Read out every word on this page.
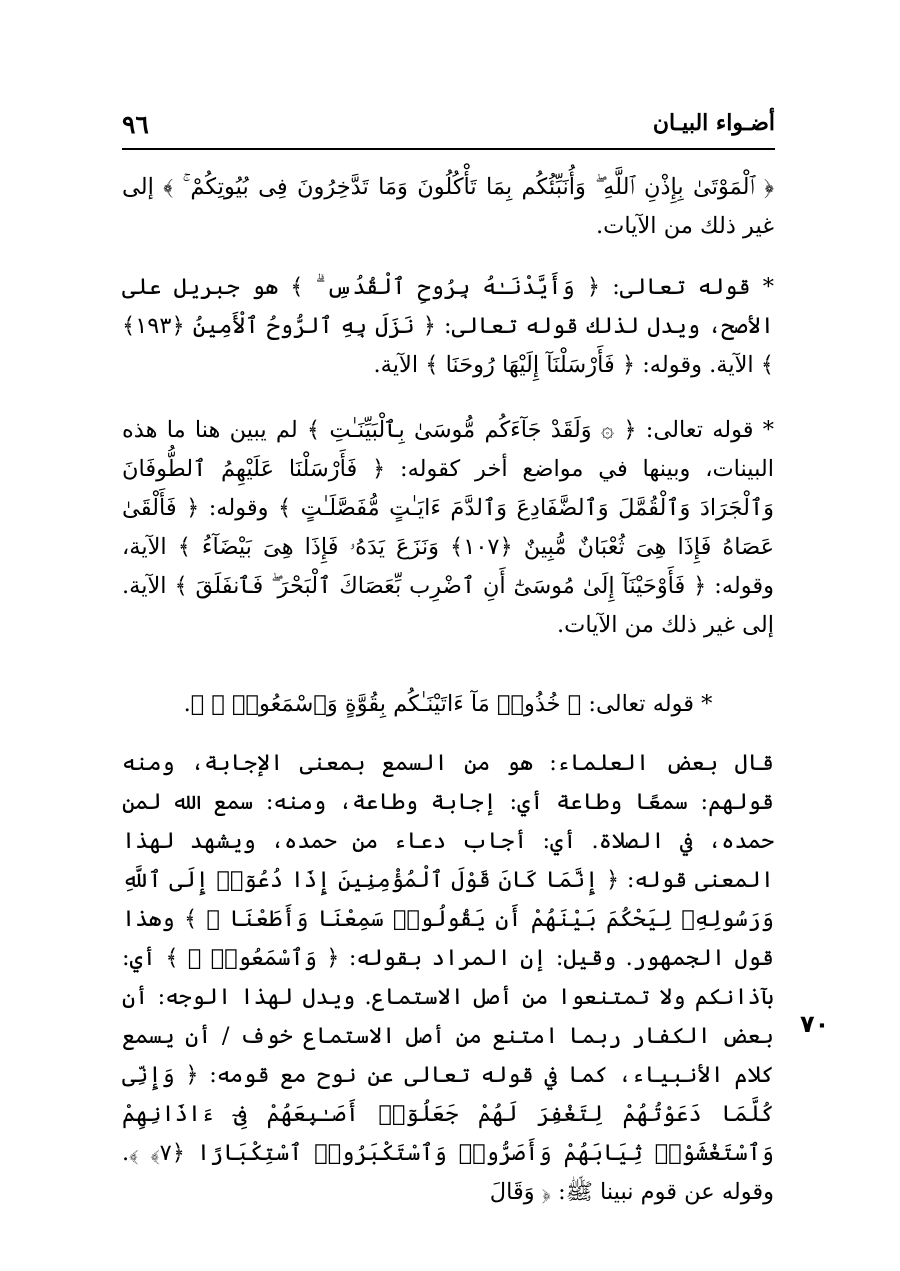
٩٦	أضـواء البيـان

﴿ ٱلْمَوْتَىٰ بِإِذْنِ ٱللَّهِ ۖ وَأُنَبِّئُكُم بِمَا تَأْكُلُونَ وَمَا تَدَّخِرُونَ فِى بُيُوتِكُمْ ۚ ﴾ إلى غير ذلك من الآيات.

* قوله تعالى: ﴿ وَأَيَّدْنَـٰهُ بِرُوحِ ٱلْقُدُسِ ۗ ﴾ هو جبريل على الأصح، ويدل لذلك قوله تعالى: ﴿ نَزَلَ بِهِ ٱلرُّوحُ ٱلْأَمِينُ ﴿١٩٣﴾ ﴾ الآية. وقوله: ﴿ فَأَرْسَلْنَآ إِلَيْهَا رُوحَنَا ﴾ الآية.

* قوله تعالى: ﴿ ۞ وَلَقَدْ جَآءَكُم مُّوسَىٰ بِٱلْبَيِّنَـٰتِ ﴾ لم يبين هنا ما هذه البينات، وبينها في مواضع أخر كقوله: ﴿ فَأَرْسَلْنَا عَلَيْهِمُ ٱلطُّوفَانَ وَٱلْجَرَادَ وَٱلْقُمَّلَ وَٱلضَّفَادِعَ وَٱلدَّمَ ءَايَـٰتٍ مُّفَصَّلَـٰتٍ ﴾ وقوله: ﴿ فَأَلْقَىٰ عَصَاهُ فَإِذَا هِىَ ثُعْبَانٌ مُّبِينٌ ﴿١٠٧﴾ وَنَزَعَ يَدَهُۥ فَإِذَا هِىَ بَيْضَآءُ ﴾ الآية، وقوله: ﴿ فَأَوْحَيْنَآ إِلَىٰ مُوسَىٰٓ أَنِ ٱضْرِب بِّعَصَاكَ ٱلْبَحْرَ ۖ فَٱنفَلَقَ ﴾ الآية. إلى غير ذلك من الآيات.

* قوله تعالى: ﴿ خُذُوا۟ مَآ ءَاتَيْنَـٰكُم بِقُوَّةٍ وَٱسْمَعُوا۟ ۖ ﴾.

قال بعض العلماء: هو من السمع بمعنى الإجابة، ومنه قولهم: سمعًا وطاعة أي: إجابة وطاعة، ومنه: سمع الله لمن حمده، في الصلاة. أي: أجاب دعاء من حمده، ويشهد لهذا المعنى قوله: ﴿ إِنَّمَا كَانَ قَوْلَ ٱلْمُؤْمِنِينَ إِذَا دُعُوٓا۟ إِلَى ٱللَّهِ وَرَسُولِهِۦ لِيَحْكُمَ بَيْنَهُمْ أَن يَقُولُوا۟ سَمِعْنَا وَأَطَعْنَا ۚ ﴾ وهذا قول الجمهور. وقيل: إن المراد بقوله: ﴿ وَٱسْمَعُوا۟ ۖ ﴾ أي: بآذانكم ولا تمتنعوا من أصل الاستماع. ويدل لهذا الوجه: أن بعض الكفار ربما امتنع من أصل الاستماع خوف / أن يسمع كلام الأنبياء، كما في قوله تعالى عن نوح مع قومه: ﴿ وَإِنِّى كُلَّمَا دَعَوْتُهُمْ لِتَغْفِرَ لَهُمْ جَعَلُوٓا۟ أَصَـٰبِعَهُمْ فِىٓ ءَاذَانِهِمْ وَٱسْتَغْشَوْا۟ ثِيَابَهُمْ وَأَصَرُّوا۟ وَٱسْتَكْبَرُوا۟ ٱسْتِكْبَارًا ﴿٧﴾ ﴾. وقوله عن قوم نبينا ﷺ: ﴿ وَقَالَ

٧٠
